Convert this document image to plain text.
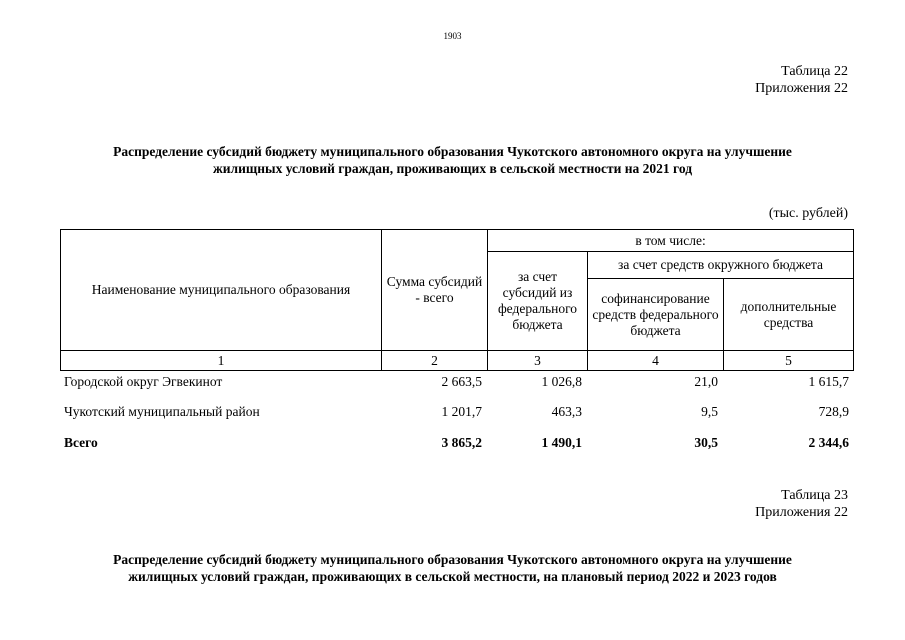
1903
Таблица 22
Приложения 22
Распределение субсидий бюджету муниципального образования Чукотского автономного округа на улучшение
жилищных условий граждан, проживающих в сельской местности на 2021 год
(тыс. рублей)
Наименование муниципального образования	Сумма субсидий - всего	в том числе:		
		за счет субсидий из федерального бюджета	за счет средств окружного бюджета	
			софинансирование средств федерального бюджета	дополнительные средства
1	2	3	4	5
Городской округ Эгвекинот	2 663,5	1 026,8	21,0	1 615,7
Чукотский муниципальный район	1 201,7	463,3	9,5	728,9
Всего	3 865,2	1 490,1	30,5	2 344,6
Таблица 23
Приложения 22
Распределение субсидий бюджету муниципального образования Чукотского автономного округа на улучшение
жилищных условий граждан, проживающих в сельской местности, на плановый период 2022 и 2023 годов
